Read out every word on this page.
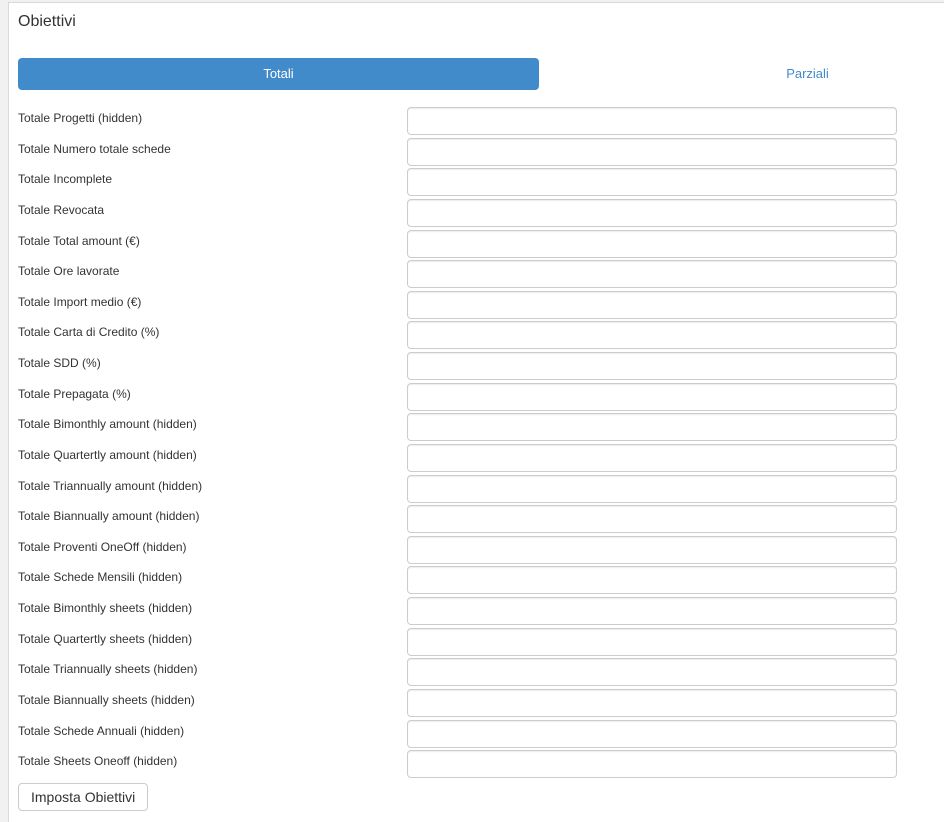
Obiettivi
Totali	Parziali
Totale Progetti (hidden)
Totale Numero totale schede
Totale Incomplete
Totale Revocata
Totale Total amount (€)
Totale Ore lavorate
Totale Import medio (€)
Totale Carta di Credito (%)
Totale SDD (%)
Totale Prepagata (%)
Totale Bimonthly amount (hidden)
Totale Quartertly amount (hidden)
Totale Triannually amount (hidden)
Totale Biannually amount (hidden)
Totale Proventi OneOff (hidden)
Totale Schede Mensili (hidden)
Totale Bimonthly sheets (hidden)
Totale Quartertly sheets (hidden)
Totale Triannually sheets (hidden)
Totale Biannually sheets (hidden)
Totale Schede Annuali (hidden)
Totale Sheets Oneoff (hidden)
Imposta Obiettivi
